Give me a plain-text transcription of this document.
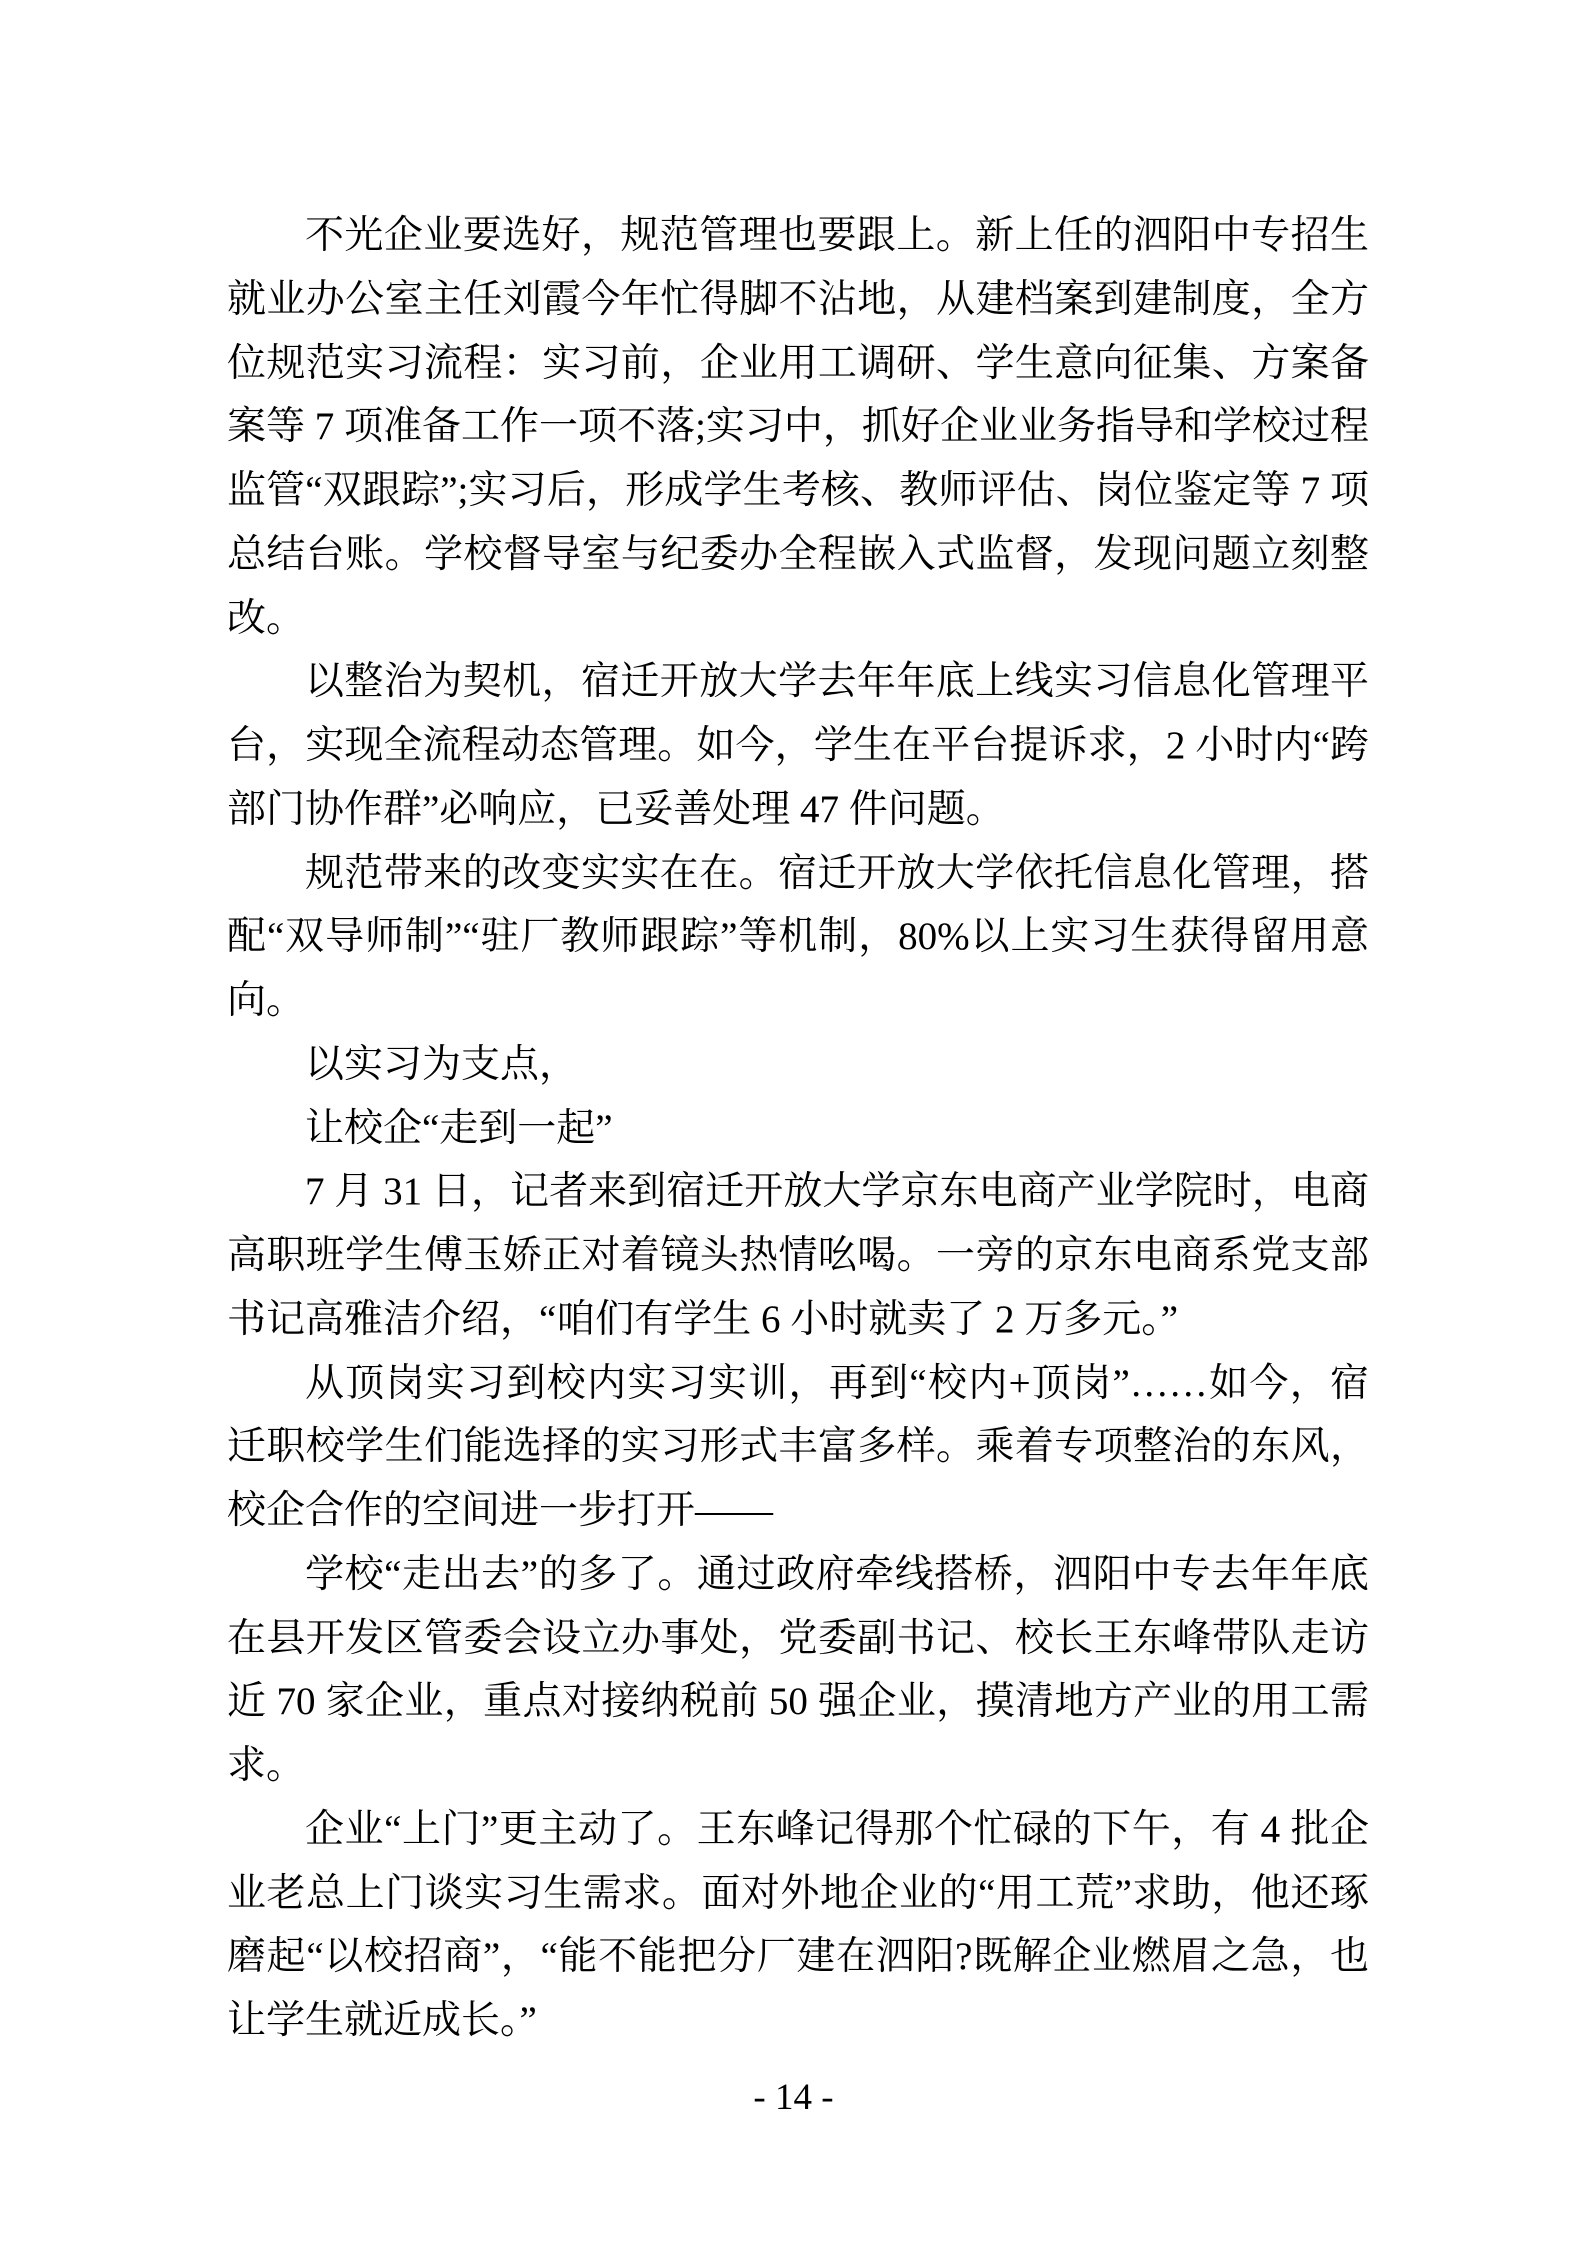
不光企业要选好，规范管理也要跟上。新上任的泗阳中专招生就业办公室主任刘霞今年忙得脚不沾地，从建档案到建制度，全方位规范实习流程：实习前，企业用工调研、学生意向征集、方案备案等 7 项准备工作一项不落;实习中，抓好企业业务指导和学校过程监管“双跟踪”;实习后，形成学生考核、教师评估、岗位鉴定等 7 项总结台账。学校督导室与纪委办全程嵌入式监督，发现问题立刻整改。

以整治为契机，宿迁开放大学去年年底上线实习信息化管理平台，实现全流程动态管理。如今，学生在平台提诉求，2 小时内“跨部门协作群”必响应，已妥善处理 47 件问题。

规范带来的改变实实在在。宿迁开放大学依托信息化管理，搭配“双导师制”“驻厂教师跟踪”等机制，80%以上实习生获得留用意向。

以实习为支点，

让校企“走到一起”

7 月 31 日，记者来到宿迁开放大学京东电商产业学院时，电商高职班学生傅玉娇正对着镜头热情吆喝。一旁的京东电商系党支部书记高雅洁介绍，“咱们有学生 6 小时就卖了 2 万多元。”

从顶岗实习到校内实习实训，再到“校内+顶岗”……如今，宿迁职校学生们能选择的实习形式丰富多样。乘着专项整治的东风，校企合作的空间进一步打开——

学校“走出去”的多了。通过政府牵线搭桥，泗阳中专去年年底在县开发区管委会设立办事处，党委副书记、校长王东峰带队走访近 70 家企业，重点对接纳税前 50 强企业，摸清地方产业的用工需求。

企业“上门”更主动了。王东峰记得那个忙碌的下午，有 4 批企业老总上门谈实习生需求。面对外地企业的“用工荒”求助，他还琢磨起“以校招商”，“能不能把分厂建在泗阳?既解企业燃眉之急，也让学生就近成长。”

- 14 -
